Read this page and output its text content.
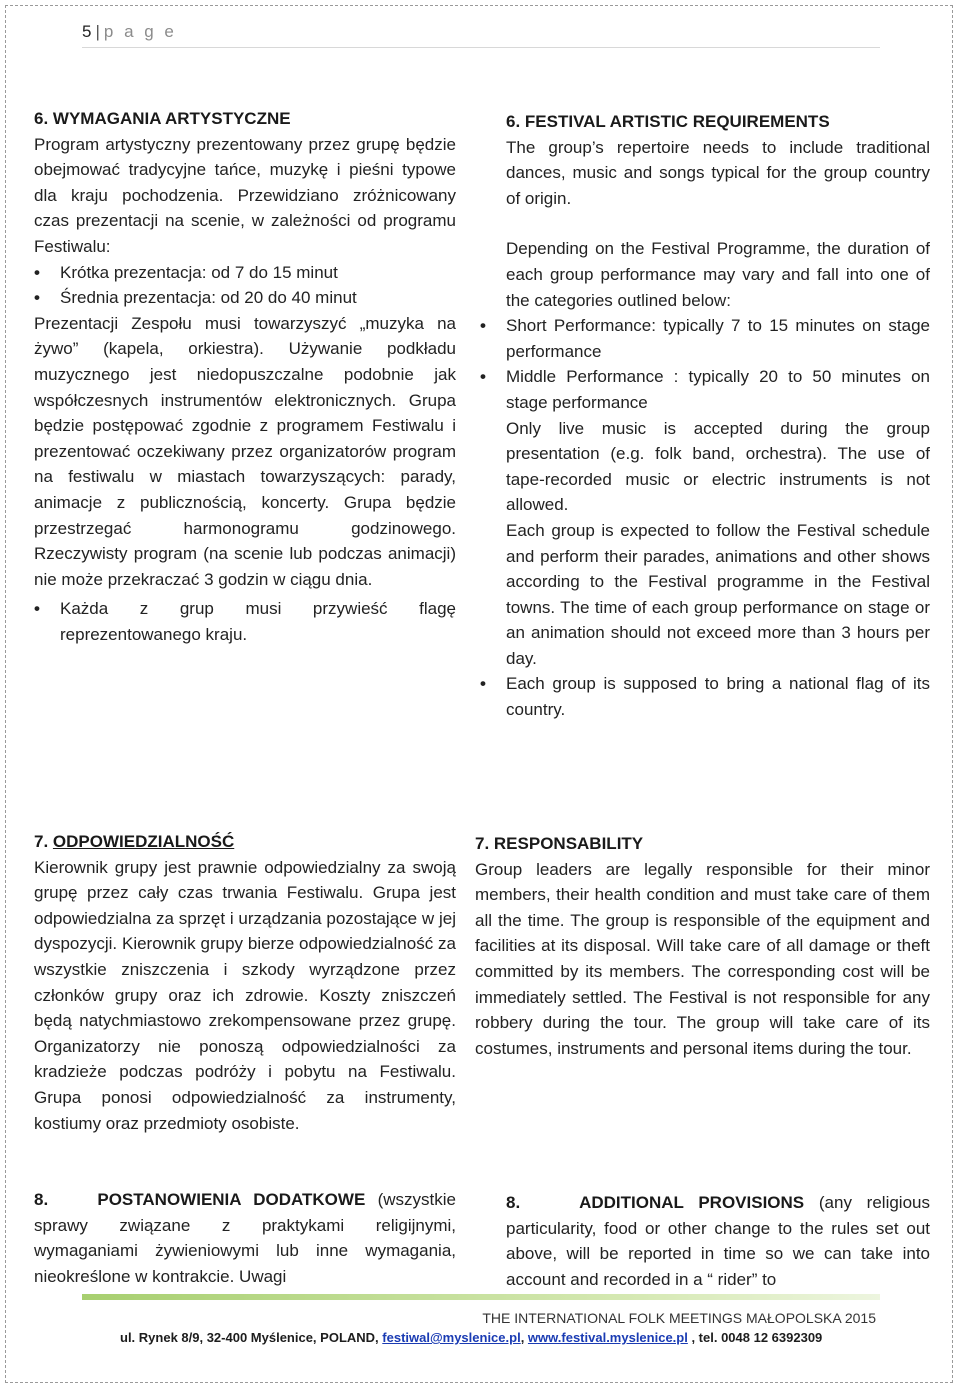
5 | p a g e
6. WYMAGANIA ARTYSTYCZNE

Program artystyczny prezentowany przez grupę będzie obejmować tradycyjne tańce, muzykę i pieśni typowe dla kraju pochodzenia. Przewidziano zróżnicowany czas prezentacji na scenie, w zależności od programu Festiwalu:

• Krótka prezentacja: od 7 do 15 minut
• Średnia prezentacja: od 20 do 40 minut

Prezentacji Zespołu musi towarzyszyć „muzyka na żywo” (kapela, orkiestra). Używanie podkładu muzycznego jest niedopuszczalne podobnie jak współczesnych instrumentów elektronicznych. Grupa będzie postępować zgodnie z programem Festiwalu i prezentować oczekiwany przez organizatorów program na festiwalu w miastach towarzyszących: parady, animacje z publicznością, koncerty. Grupa będzie przestrzegać harmonogramu godzinowego. Rzeczywisty program (na scenie lub podczas animacji) nie może przekraczać 3 godzin w ciągu dnia.

• Każda z grup musi przywieść flagę reprezentowanego kraju.
6. FESTIVAL ARTISTIC REQUIREMENTS

The group’s repertoire needs to include traditional dances, music and songs typical for the group country of origin.

Depending on the Festival Programme, the duration of each group performance may vary and fall into one of the categories outlined below:

• Short Performance: typically 7 to 15 minutes on stage performance
• Middle Performance : typically 20 to 50 minutes on stage performance

Only live music is accepted during the group presentation (e.g. folk band, orchestra). The use of tape-recorded music or electric instruments is not allowed.

Each group is expected to follow the Festival schedule and perform their parades, animations and other shows according to the Festival programme in the Festival towns. The time of each group performance on stage or an animation should not exceed more than 3 hours per day.

• Each group is supposed to bring a national flag of its country.
7. ODPOWIEDZIALNOŚĆ

Kierownik grupy jest prawnie odpowiedzialny za swoją grupę przez cały czas trwania Festiwalu. Grupa jest odpowiedzialna za sprzęt i urządzania pozostające w jej dyspozycji. Kierownik grupy bierze odpowiedzialność za wszystkie zniszczenia i szkody wyrządzone przez członków grupy oraz ich zdrowie. Koszty zniszczeń będą natychmiastowo zrekompensowane przez grupę. Organizatorzy nie ponoszą odpowiedzialności za kradzieże podczas podróży i pobytu na Festiwalu. Grupa ponosi odpowiedzialność za instrumenty, kostiumy oraz przedmioty osobiste.

7. RESPONSABILITY

Group leaders are legally responsible for their minor members, their health condition and must take care of them all the time. The group is responsible of the equipment and facilities at its disposal. Will take care of all damage or theft committed by its members. The corresponding cost will be immediately settled. The Festival is not responsible for any robbery during the tour. The group will take care of its costumes, instruments and personal items during the tour.

8.	POSTANOWIENIA DODATKOWE (wszystkie sprawy związane z praktykami religijnymi, wymaganiami żywieniowymi lub inne wymagania, nieokreślone w kontrakcie. Uwagi

8.	ADDITIONAL PROVISIONS (any religious particularity, food or other change to the rules set out above, will be reported in time so we can take into account and recorded in a “ rider” to

THE INTERNATIONAL FOLK MEETINGS MAŁOPOLSKA 2015
ul. Rynek 8/9, 32-400 Myślenice, POLAND, festiwal@myslenice.pl, www.festival.myslenice.pl , tel. 0048 12 6392309
